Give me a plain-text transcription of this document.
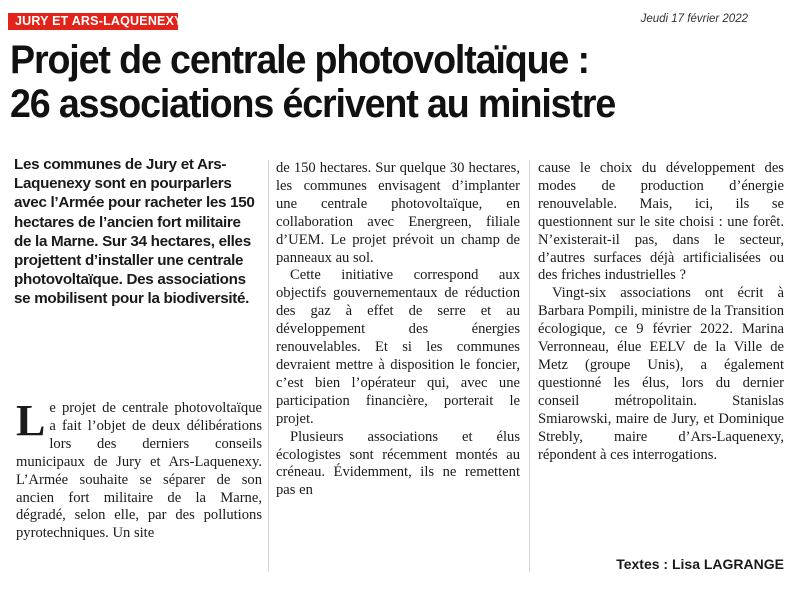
JURY ET ARS-LAQUENEXY	Jeudi 17 février 2022
Projet de centrale photovoltaïque :
26 associations écrivent au ministre
Les communes de Jury et Ars-Laquenexy sont en pourparlers avec l’Armée pour racheter les 150 hectares de l’ancien fort militaire de la Marne. Sur 34 hectares, elles projettent d’installer une centrale photovoltaïque. Des associations se mobilisent pour la biodiversité.

Le projet de centrale photovoltaïque a fait l’objet de deux délibérations lors des derniers conseils municipaux de Jury et Ars-Laquenexy. L’Armée souhaite se séparer de son ancien fort militaire de la Marne, dégradé, selon elle, par des pollutions pyrotechniques. Un site

de 150 hectares. Sur quelque 30 hectares, les communes envisagent d’implanter une centrale photovoltaïque, en collaboration avec Energreen, filiale d’UEM. Le projet prévoit un champ de panneaux au sol.

Cette initiative correspond aux objectifs gouvernementaux de réduction des gaz à effet de serre et au développement des énergies renouvelables. Et si les communes devraient mettre à disposition le foncier, c’est bien l’opérateur qui, avec une participation financière, porterait le projet.

Plusieurs associations et élus écologistes sont récemment montés au créneau. Évidemment, ils ne remettent pas en

cause le choix du développement des modes de production d’énergie renouvelable. Mais, ici, ils se questionnent sur le site choisi : une forêt. N’existerait-il pas, dans le secteur, d’autres surfaces déjà artificialisées ou des friches industrielles ?

Vingt-six associations ont écrit à Barbara Pompili, ministre de la Transition écologique, ce 9 février 2022. Marina Verronneau, élue EELV de la Ville de Metz (groupe Unis), a également questionné les élus, lors du dernier conseil métropolitain. Stanislas Smiarowski, maire de Jury, et Dominique Strebly, maire d’Ars-Laquenexy, répondent à ces interrogations.

Textes : Lisa LAGRANGE
